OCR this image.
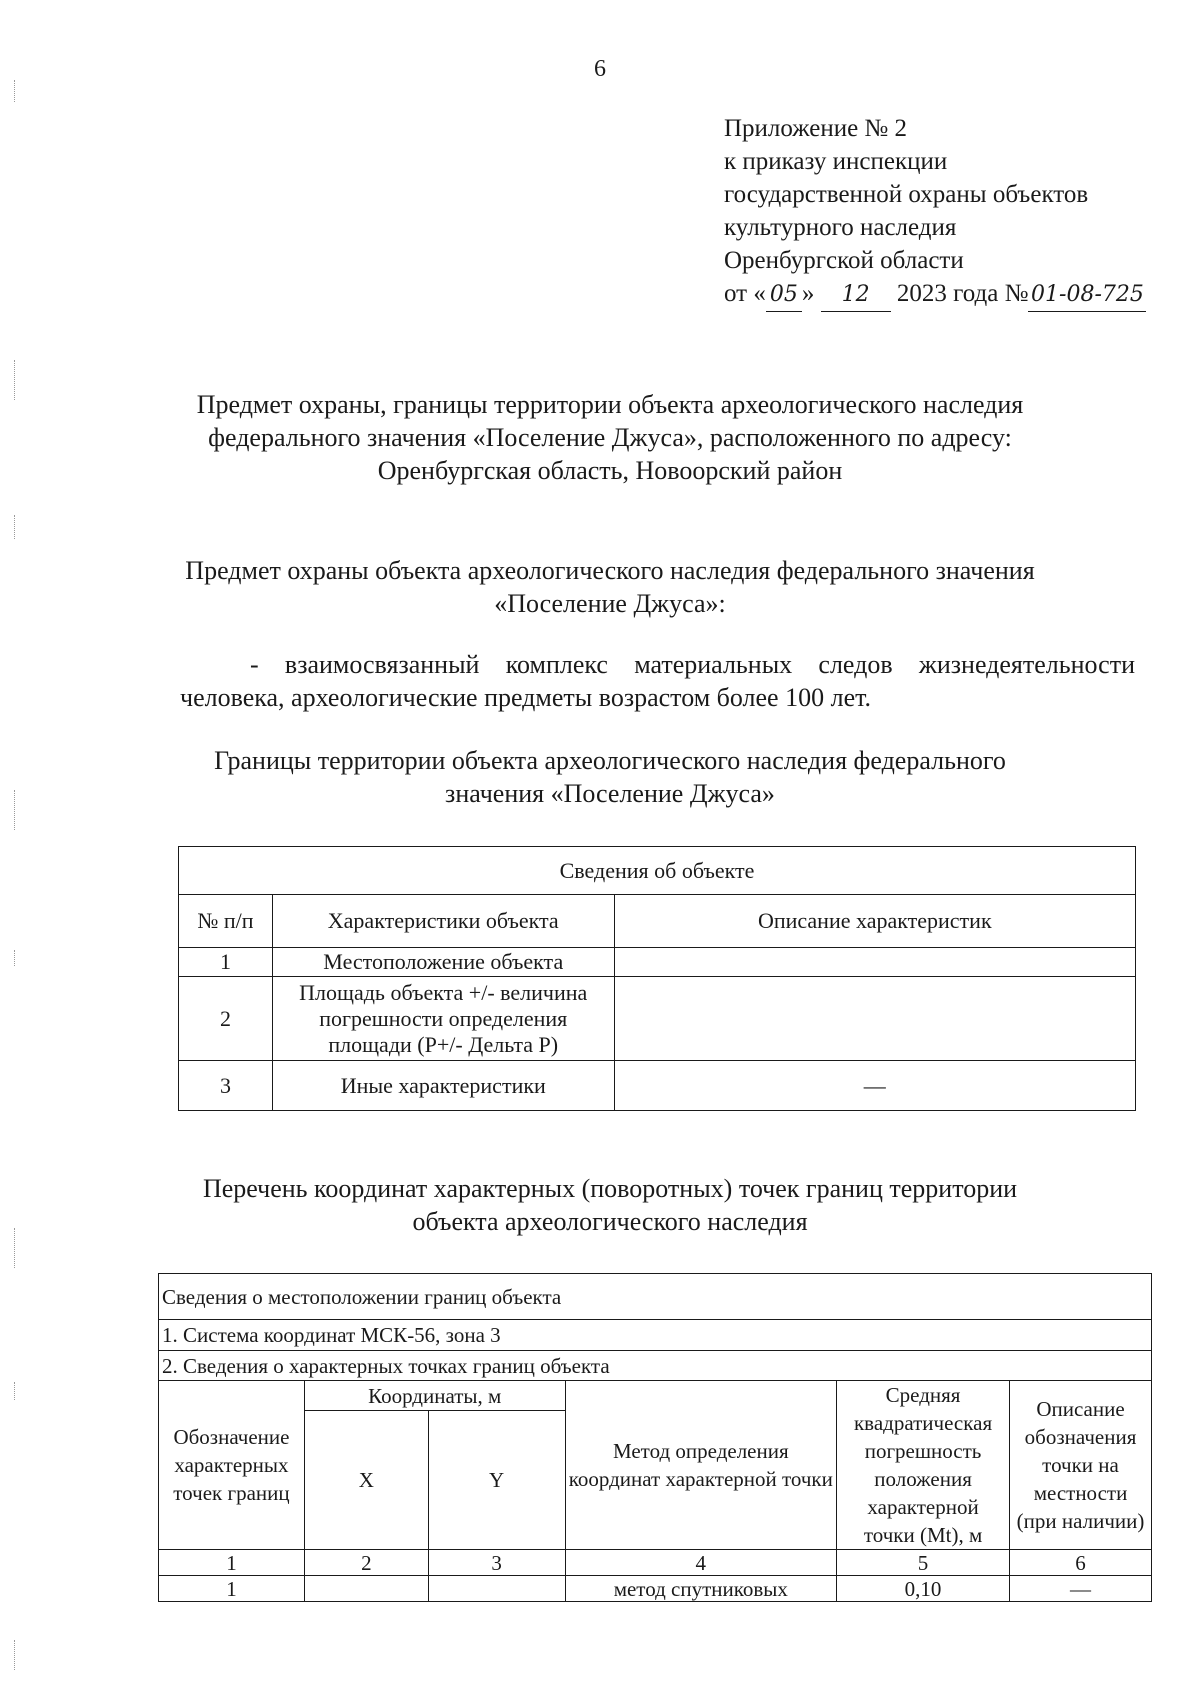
6
Приложение № 2
к приказу инспекции
государственной охраны объектов
культурного наследия
Оренбургской области
от « 05 » 12 2023 года № 01-08-725
Предмет охраны, границы территории объекта археологического наследия
федерального значения «Поселение Джуса», расположенного по адресу:
Оренбургская область, Новоорский район
Предмет охраны объекта археологического наследия федерального значения
«Поселение Джуса»:
- взаимосвязанный комплекс материальных следов жизнедеятельности
человека, археологические предметы возрастом более 100 лет.
Границы территории объекта археологического наследия федерального
значения «Поселение Джуса»
Сведения об объекте		
№ п/п	Характеристики объекта	Описание характеристик
1	Местоположение объекта	
2	Площадь объекта +/- величина погрешности определения площади (Р+/- Дельта Р)	
3	Иные характеристики	—
Перечень координат характерных (поворотных) точек границ территории
объекта археологического наследия
Сведения о местоположении границ объекта					
1. Система координат МСК-56, зона 3					
2. Сведения о характерных точках границ объекта					
Обозначение характерных точек границ	Координаты, м		Метод определения координат характерной точки	Средняя квадратическая погрешность положения характерной точки (Mt), м	Описание обозначения точки на местности (при наличии)
	X	Y			
1	2	3	4	5	6
1			метод спутниковых	0,10	—
